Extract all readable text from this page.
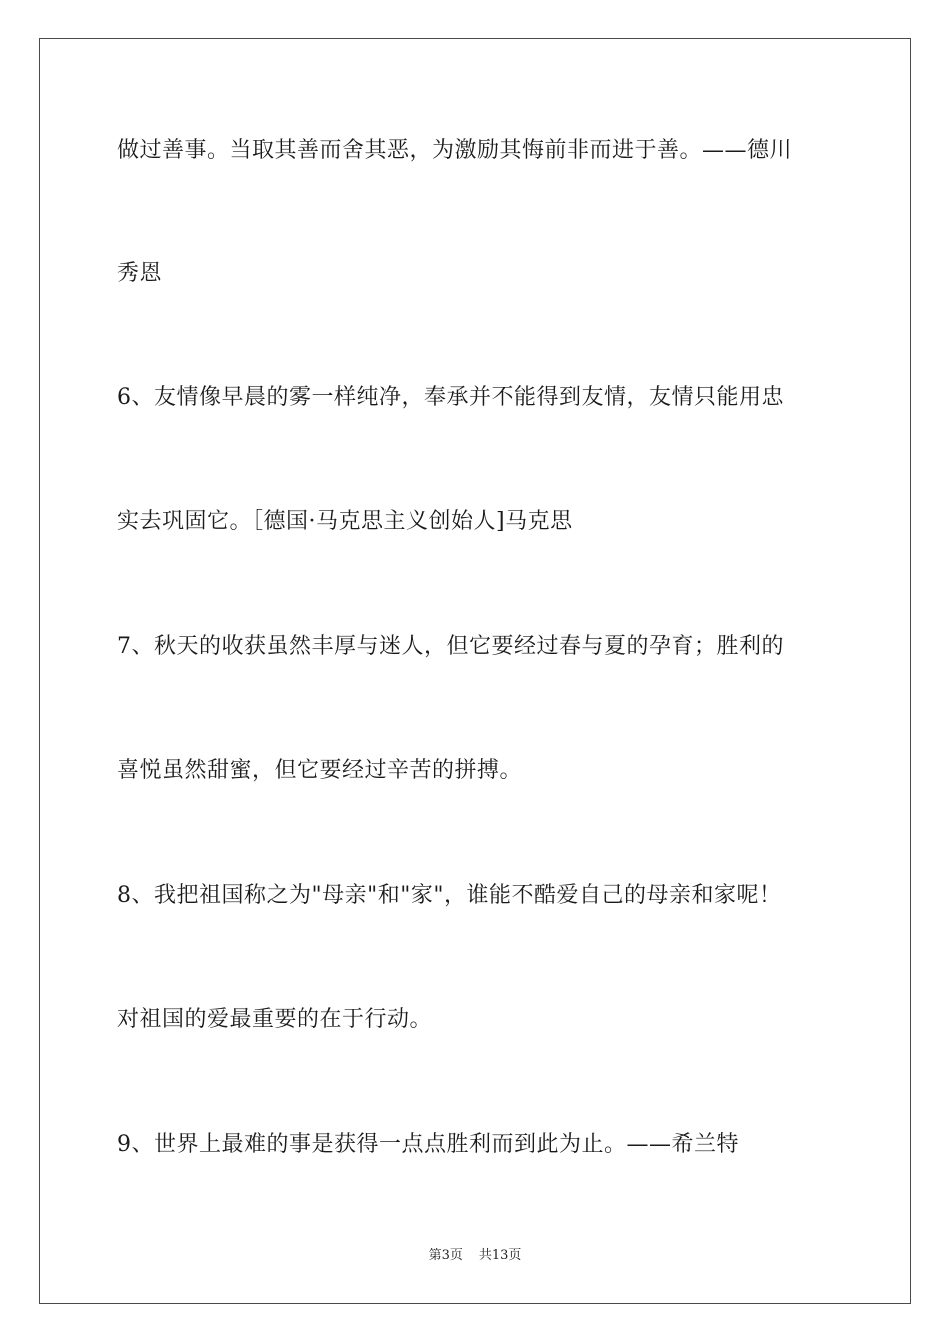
做过善事。当取其善而舍其恶，为激励其悔前非而进于善。——德川
秀恩
6、友情像早晨的雾一样纯净，奉承并不能得到友情，友情只能用忠
实去巩固它。［德国·马克思主义创始人]马克思
7、秋天的收获虽然丰厚与迷人，但它要经过春与夏的孕育；胜利的
喜悦虽然甜蜜，但它要经过辛苦的拼搏。
8、我把祖国称之为"母亲"和"家"，谁能不酷爱自己的母亲和家呢！
对祖国的爱最重要的在于行动。
9、世界上最难的事是获得一点点胜利而到此为止。——希兰特
第3页 共13页
